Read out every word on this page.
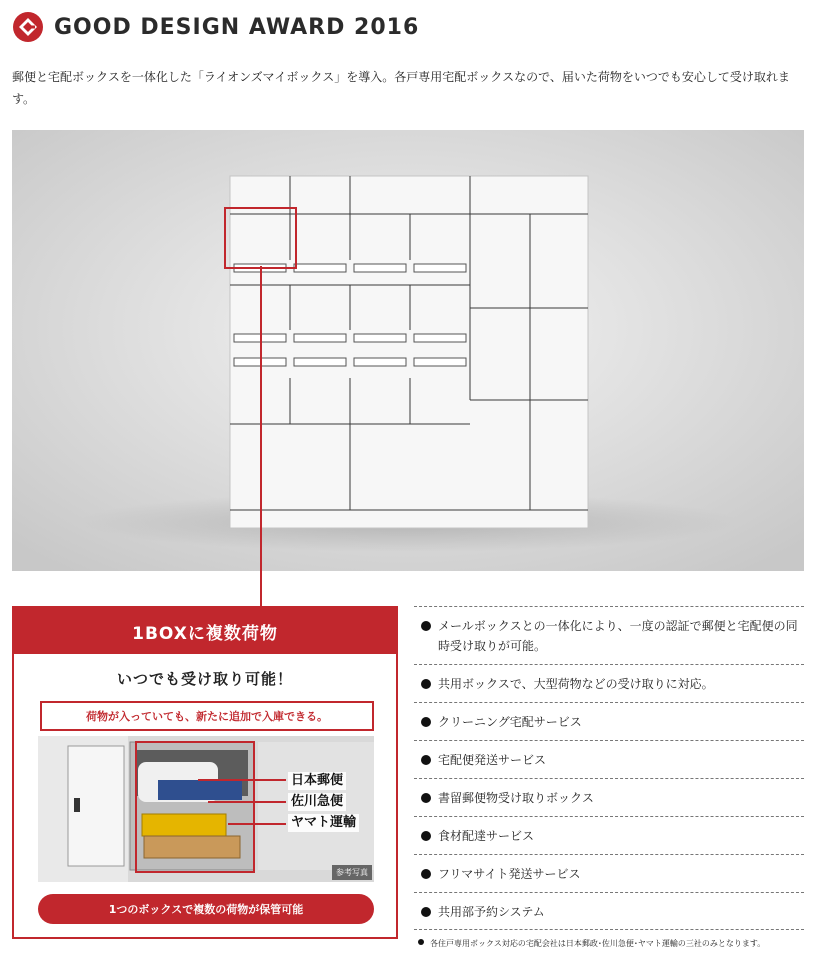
GOOD DESIGN AWARD 2016

郵便と宅配ボックスを一体化した「ライオンズマイボックス」を導入。各戸専用宅配ボックスなので、届いた荷物をいつでも安心して受け取れます。

1BOXに複数荷物
いつでも受け取り可能！
荷物が入っていても、新たに追加で入庫できる。
日本郵便
佐川急便
ヤマト運輸
参考写真
1つのボックスで複数の荷物が保管可能
メールボックスとの一体化により、一度の認証で郵便と宅配便の同時受け取りが可能。
共用ボックスで、大型荷物などの受け取りに対応。
クリーニング宅配サービス
宅配便発送サービス
書留郵便物受け取りボックス
食材配達サービス
フリマサイト発送サービス
共用部予約システム
各住戸専用ボックス対応の宅配会社は日本郵政･佐川急便･ヤマト運輸の三社のみとなります。
